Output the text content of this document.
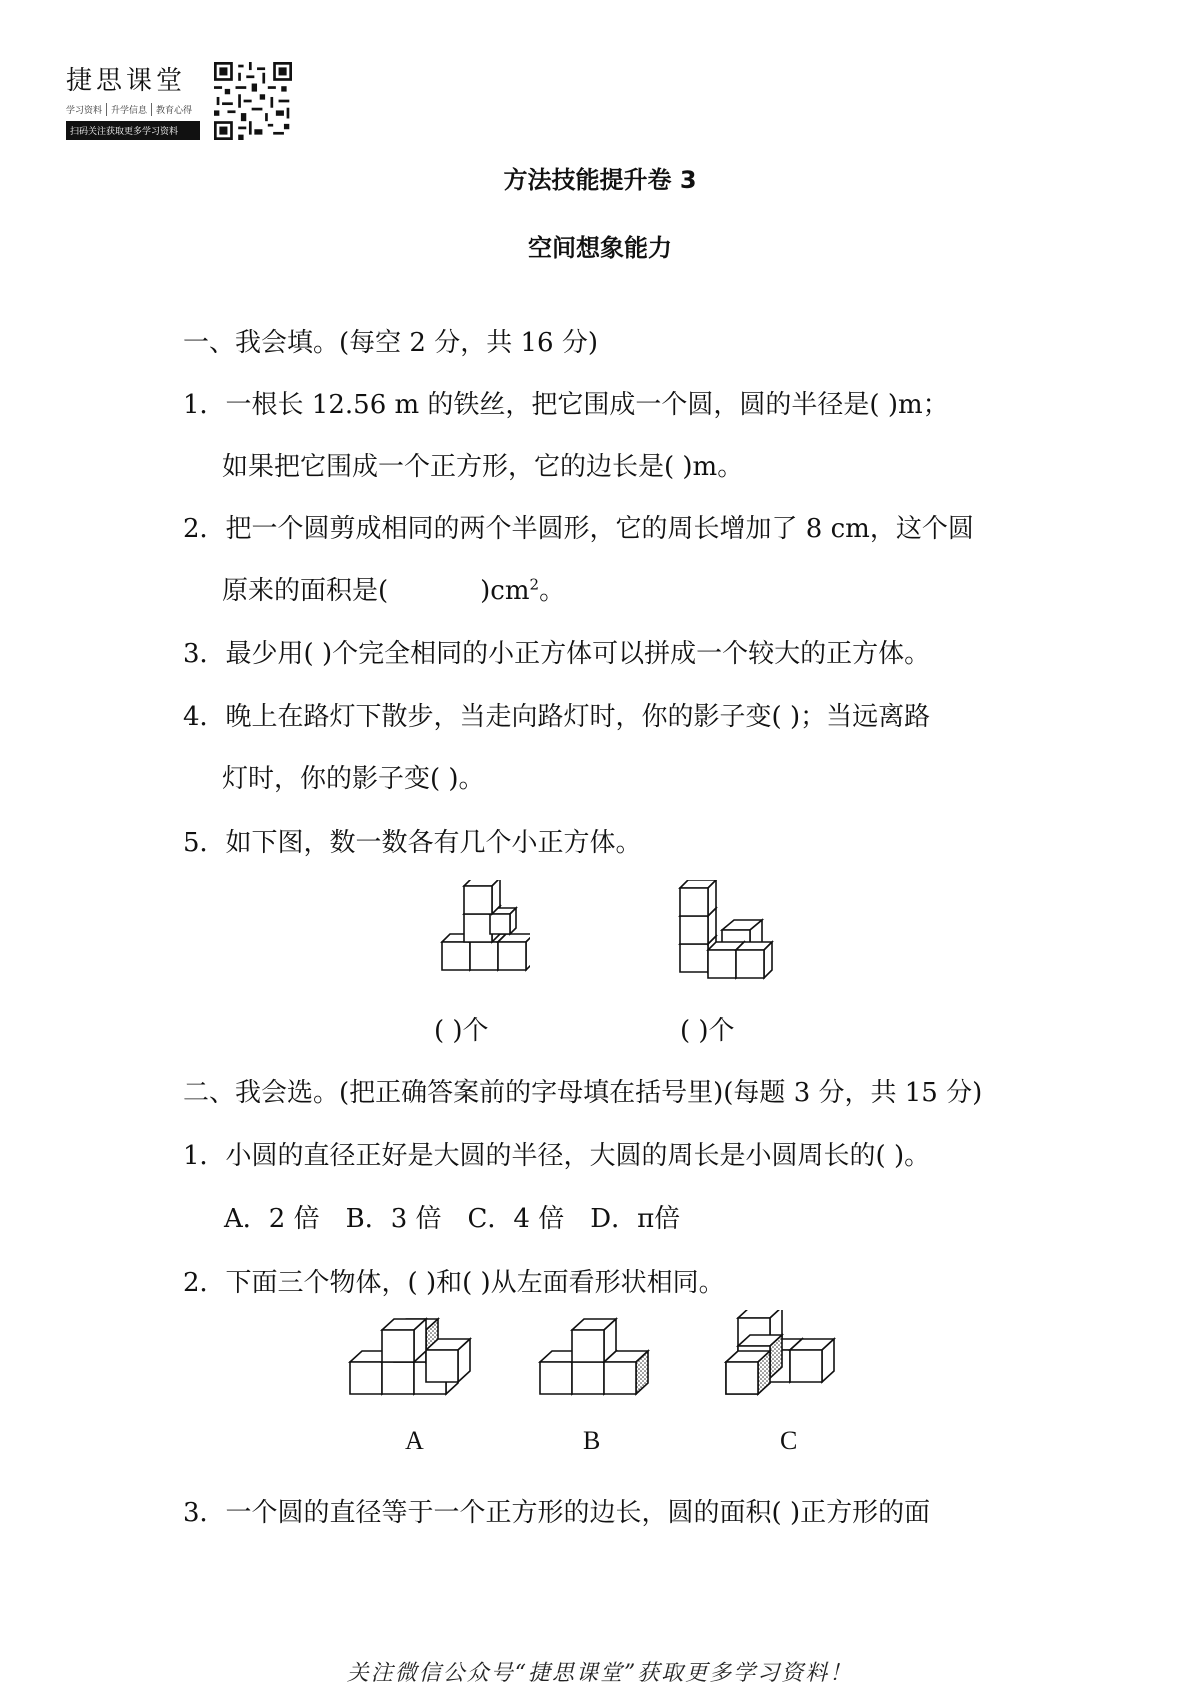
捷思课堂
学习资料 升学信息 教育心得
扫码关注获取更多学习资料
方法技能提升卷 3
空间想象能力
一、我会填。(每空 2 分，共 16 分)
1．一根长 12.56 m 的铁丝，把它围成一个圆，圆的半径是( )m；
如果把它围成一个正方形，它的边长是( )m。
2．把一个圆剪成相同的两个半圆形，它的周长增加了 8 cm，这个圆
原来的面积是(	)$cm^2$。
3．最少用( )个完全相同的小正方体可以拼成一个较大的正方体。
4．晚上在路灯下散步，当走向路灯时，你的影子变( )；当远离路
灯时，你的影子变( )。
5．如下图，数一数各有几个小正方体。
( )个	( )个
二、我会选。(把正确答案前的字母填在括号里)(每题 3 分，共 15 分)
1．小圆的直径正好是大圆的半径，大圆的周长是小圆周长的( )。
A．2 倍 B．3 倍 C．4 倍 D．π倍
2．下面三个物体，( )和( )从左面看形状相同。
A	B	C
3．一个圆的直径等于一个正方形的边长，圆的面积( )正方形的面
关注微信公众号“捷思课堂”获取更多学习资料！
